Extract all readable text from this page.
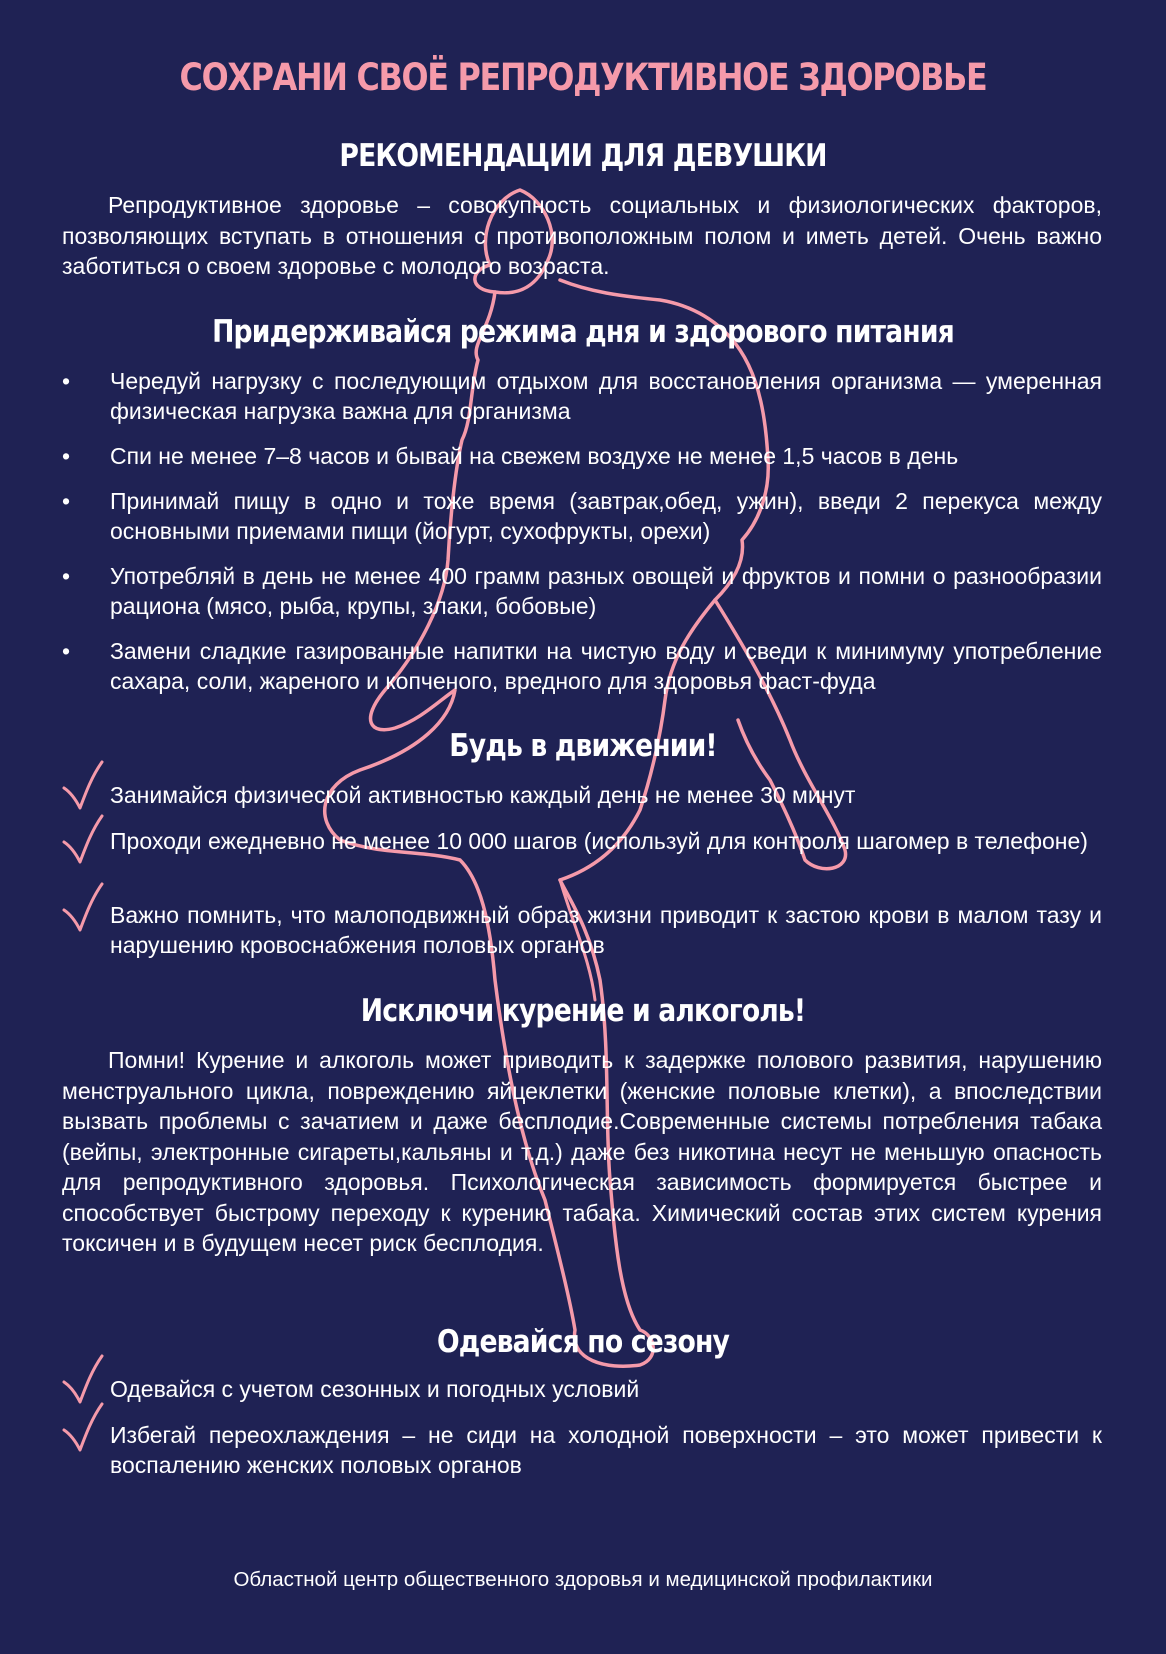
СОХРАНИ СВОЁ РЕПРОДУКТИВНОЕ ЗДОРОВЬЕ
РЕКОМЕНДАЦИИ ДЛЯ ДЕВУШКИ
Репродуктивное здоровье – совокупность социальных и физиологических факторов, позволяющих вступать в отношения с противоположным полом и иметь детей. Очень важно заботиться о своем здоровье с молодого возраста.
Придерживайся режима дня и здорового питания
• Чередуй нагрузку с последующим отдыхом для восстановления организма — умеренная физическая нагрузка важна для организма
• Спи не менее 7–8 часов и бывай на свежем воздухе не менее 1,5 часов в день
• Принимай пищу в одно и тоже время (завтрак,обед, ужин), введи 2 перекуса между основными приемами пищи (йогурт, сухофрукты, орехи)
• Употребляй в день не менее 400 грамм разных овощей и фруктов и помни о разнообразии рациона (мясо, рыба, крупы, злаки, бобовые)
• Замени сладкие газированные напитки на чистую воду и сведи к минимуму употребление сахара, соли, жареного и копченого, вредного для здоровья фаст-фуда
Будь в движении!
Занимайся физической активностью каждый день не менее 30 минут
Проходи ежедневно не менее 10 000 шагов (используй для контроля шагомер в телефоне)
Важно помнить, что малоподвижный образ жизни приводит к застою крови в малом тазу и нарушению кровоснабжения половых органов
Исключи курение и алкоголь!
Помни! Курение и алкоголь может приводить к задержке полового развития, нарушению менструального цикла, повреждению яйцеклетки (женские половые клетки), а впоследствии вызвать проблемы с зачатием и даже бесплодие.Современные системы потребления табака (вейпы, электронные сигареты,кальяны и т.д.) даже без никотина несут не меньшую опасность для репродуктивного здоровья. Психологическая зависимость формируется быстрее и способствует быстрому переходу к курению табака. Химический состав этих систем курения токсичен и в будущем несет риск бесплодия.
Одевайся по сезону
Одевайся с учетом сезонных и погодных условий
Избегай переохлаждения – не сиди на холодной поверхности – это может привести к воспалению женских половых органов
Областной центр общественного здоровья и медицинской профилактики
